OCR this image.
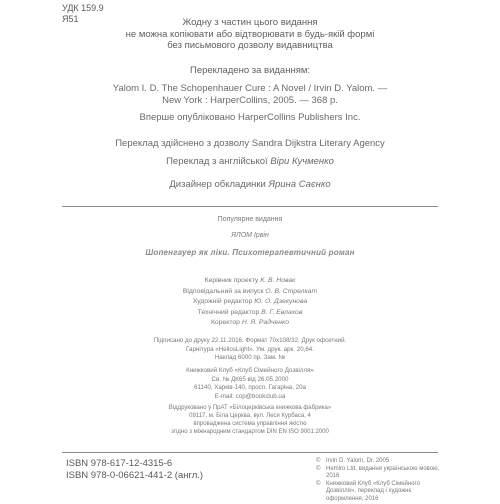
УДК 159.9
Я51	Жодну з частин цього видання
не можна копіювати або відтворювати в будь-якій формі
без письмового дозволу видавництва
Перекладено за виданням:
Yalom I. D. The Schopenhauer Cure : A Novel / Irvin D. Yalom. —
New York : HarperCollins, 2005. — 368 p.
Вперше опубліковано HarperCollins Publishers Inc.
Переклад здійснено з дозволу Sandra Dijkstra Literary Agency
Переклад з англійської Віри Кучменко
Дизайнер обкладинки Ярина Саєнко
Популярне видання
ЯЛОМ Ірвін
Шопенгауер як ліки. Психотерапевтичний роман
Керівник проекту К. В. Новак
Відповідальний за випуск О. В. Стрелкат
Художній редактор Ю. О. Дзекунова
Технічний редактор В. Г. Евлахов
Коректор Н. Я. Радченко
Підписано до друку 22.11.2016. Формат 70х108/32. Друк офсетний.
Гарнітура «HeliosLight». Ум. друк. арк. 20,64.
Наклад 6000 пр. Зам. №
Книжковий Клуб «Клуб Сімейного Дозвілля»
Св. № ДК65 від 26.05.2000
61140, Харків-140, просп. Гагаріна, 20а
E-mail: cop@bookclub.ua
Віддруковано у ПрАТ «Білоцерківська книжкова фабрика»
09117, м. Біла Церква, вул. Леся Курбаса, 4
впроваджена система управління якістю
згідно з міжнародним стандартом DIN EN ISO 9001:2000
ISBN 978-617-12-4315-6
ISBN 978-0-06621-441-2 (англ.)
© Irvin D. Yalom, Dr. 2005
© Hemiro Ltd, видання українською мовою, 2016
© Книжковий Клуб «Клуб Сімейного Дозвілля», переклад і художнє оформлення, 2016
